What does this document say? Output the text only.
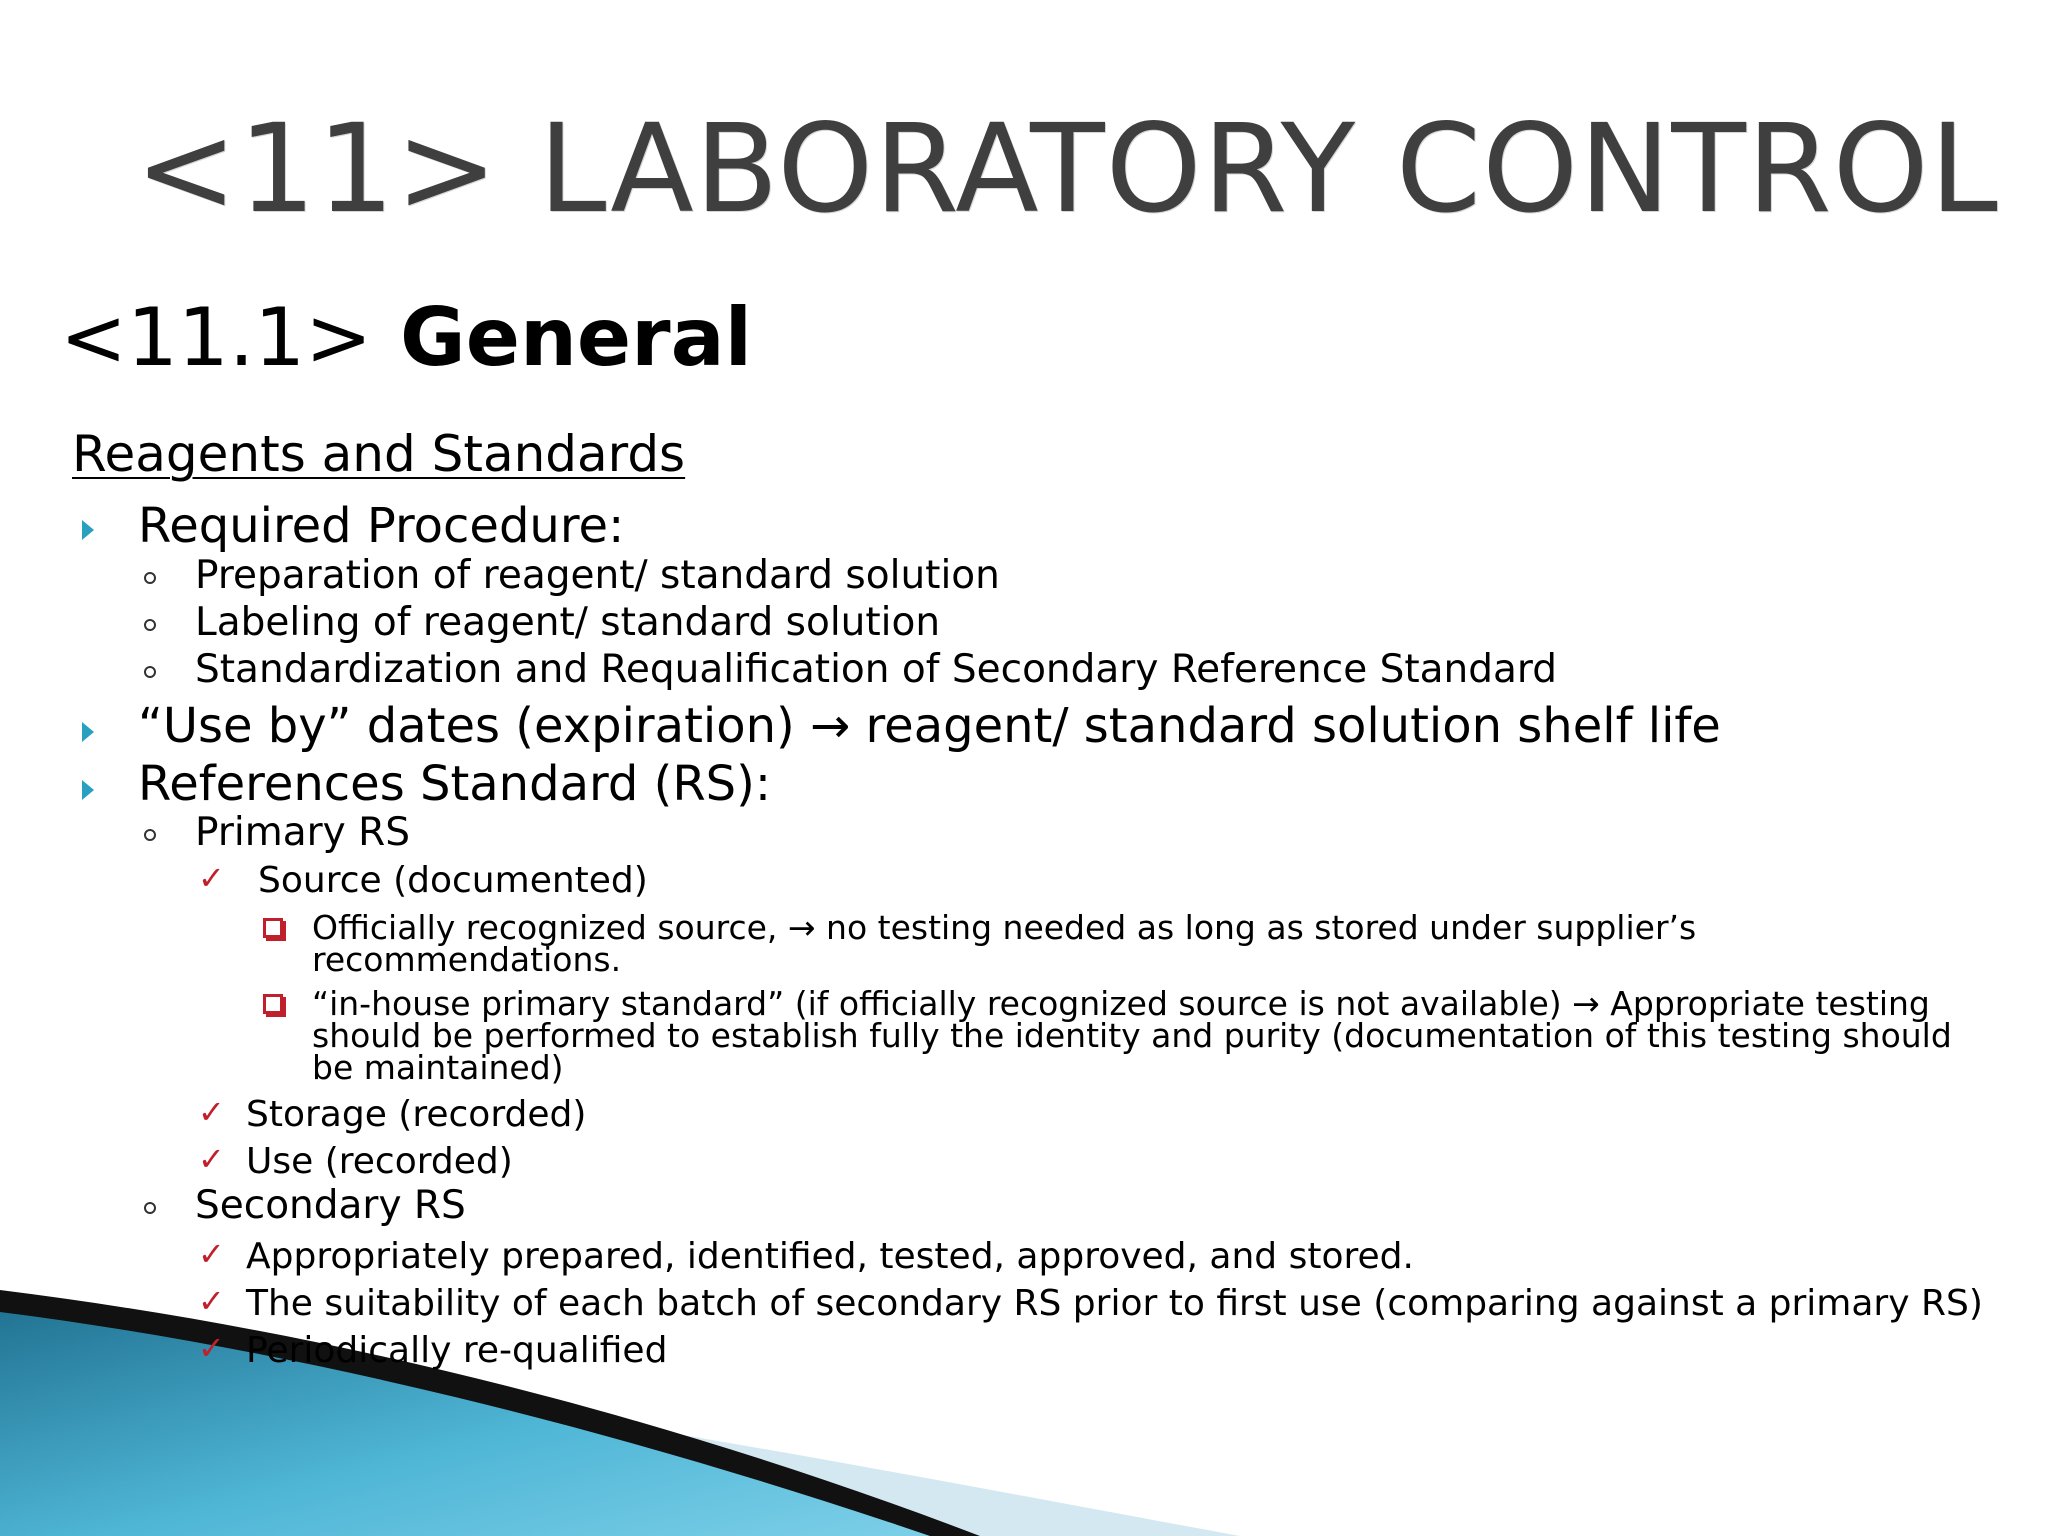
<11> LABORATORY CONTROL
<11.1> General
Reagents and Standards
Required Procedure:
Preparation of reagent/ standard solution
Labeling of reagent/ standard solution
Standardization and Requalification of Secondary Reference Standard
“Use by” dates (expiration) → reagent/ standard solution shelf life
References Standard (RS):
Primary RS
✓ Source (documented)
Officially recognized source, → no testing needed as long as stored under supplier’s
recommendations.
“in-house primary standard” (if officially recognized source is not available) → Appropriate testing
should be performed to establish fully the identity and purity (documentation of this testing should
be maintained)
✓ Storage (recorded)
✓ Use (recorded)
Secondary RS
✓ Appropriately prepared, identified, tested, approved, and stored.
✓ The suitability of each batch of secondary RS prior to first use (comparing against a primary RS)
✓ Periodically re-qualified
